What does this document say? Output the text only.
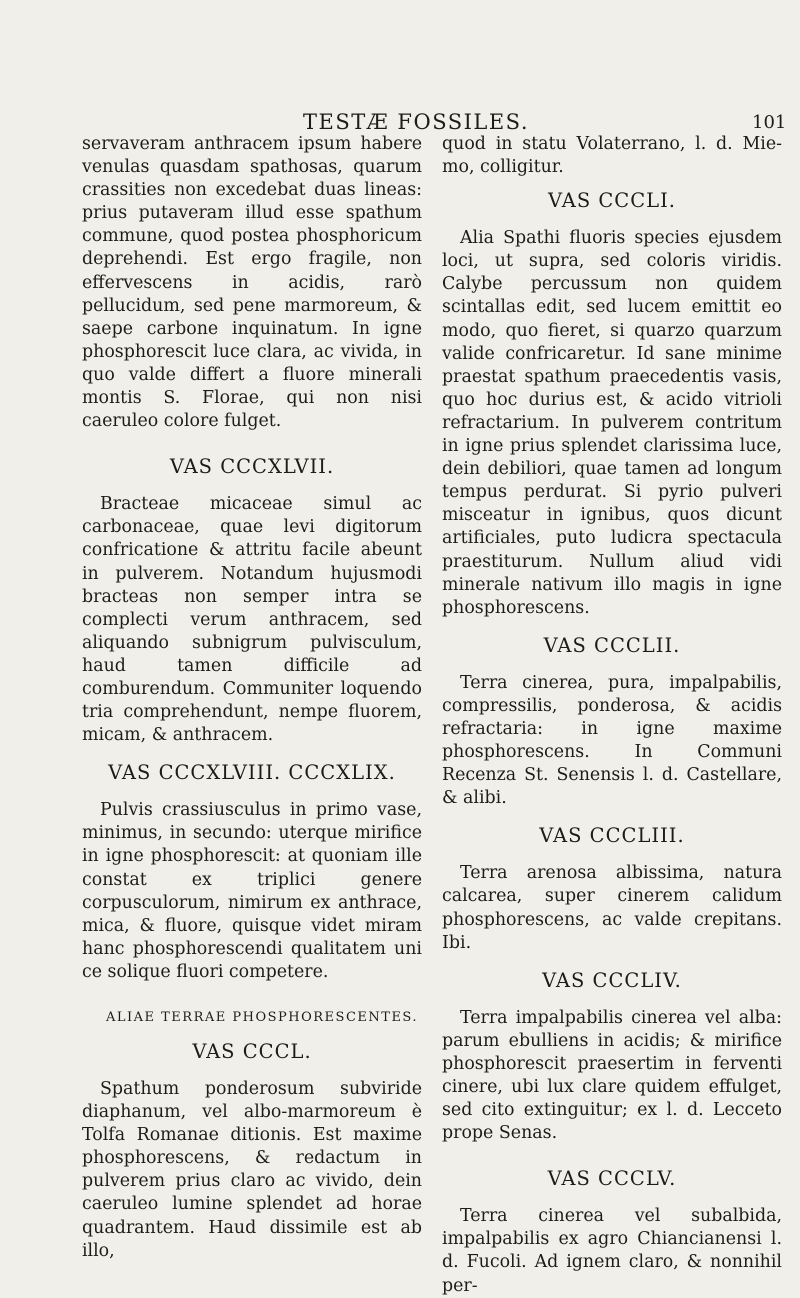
TESTÆ FOSSILES.	101

servaveram anthracem ipsum habere venulas quasdam spathosas, quarum crassities non excedebat duas lineas: prius putaveram illud esse spathum commune, quod postea phosphoricum deprehendi. Est ergo fragile, non effervescens in acidis, rarò pellucidum, sed pene marmoreum, & saepe carbone inquinatum. In igne phosphorescit luce clara, ac vivida, in quo valde differt a fluore minerali montis S. Florae, qui non nisi caeruleo colore fulget.

VAS CCCXLVII.

Bracteae micaceae simul ac carbonaceae, quae levi digitorum confricatione & attritu facile abeunt in pulverem. Notandum hujusmodi bracteas non semper intra se complecti verum anthracem, sed aliquando subnigrum pulvisculum, haud tamen difficile ad comburendum. Communiter loquendo tria comprehendunt, nempe fluorem, micam, & anthracem.

VAS CCCXLVIII. CCCXLIX.

Pulvis crassiusculus in primo vase, minimus, in secundo: uterque mirifice in igne phosphorescit: at quoniam ille constat ex triplici genere corpusculorum, nimirum ex anthrace, mica, & fluore, quisque videt miram hanc phosphorescendi qualitatem uni ce solique fluori competere.

ALIAE TERRAE PHOSPHORESCENTES.
VAS CCCL.

Spathum ponderosum subviride diaphanum, vel albo-marmoreum è Tolfa Romanae ditionis. Est maxime phosphorescens, & redactum in pulverem prius claro ac vivido, dein caeruleo lumine splendet ad horae quadrantem. Haud dissimile est ab illo,

quod in statu Volaterrano, l. d. Mie-mo, colligitur.

VAS CCCLI.

Alia Spathi fluoris species ejusdem loci, ut supra, sed coloris viridis. Calybe percussum non quidem scintallas edit, sed lucem emittit eo modo, quo fieret, si quarzo quarzum valide confricaretur. Id sane minime praestat spathum praecedentis vasis, quo hoc durius est, & acido vitrioli refractarium. In pulverem contritum in igne prius splendet clarissima luce, dein debiliori, quae tamen ad longum tempus perdurat. Si pyrio pulveri misceatur in ignibus, quos dicunt artificiales, puto ludicra spectacula praestiturum. Nullum aliud vidi minerale nativum illo magis in igne phosphorescens.

VAS CCCLII.

Terra cinerea, pura, impalpabilis, compressilis, ponderosa, & acidis refractaria: in igne maxime phosphorescens. In Communi Recenza St. Senensis l. d. Castellare, & alibi.

VAS CCCLIII.

Terra arenosa albissima, natura calcarea, super cinerem calidum phosphorescens, ac valde crepitans. Ibi.

VAS CCCLIV.

Terra impalpabilis cinerea vel alba: parum ebulliens in acidis; & mirifice phosphorescit praesertim in ferventi cinere, ubi lux clare quidem effulget, sed cito extinguitur; ex l. d. Lecceto prope Senas.

VAS CCCLV.

Terra cinerea vel subalbida, impalpabilis ex agro Chiancianensi l. d. Fucoli. Ad ignem claro, & nonnihil per-
